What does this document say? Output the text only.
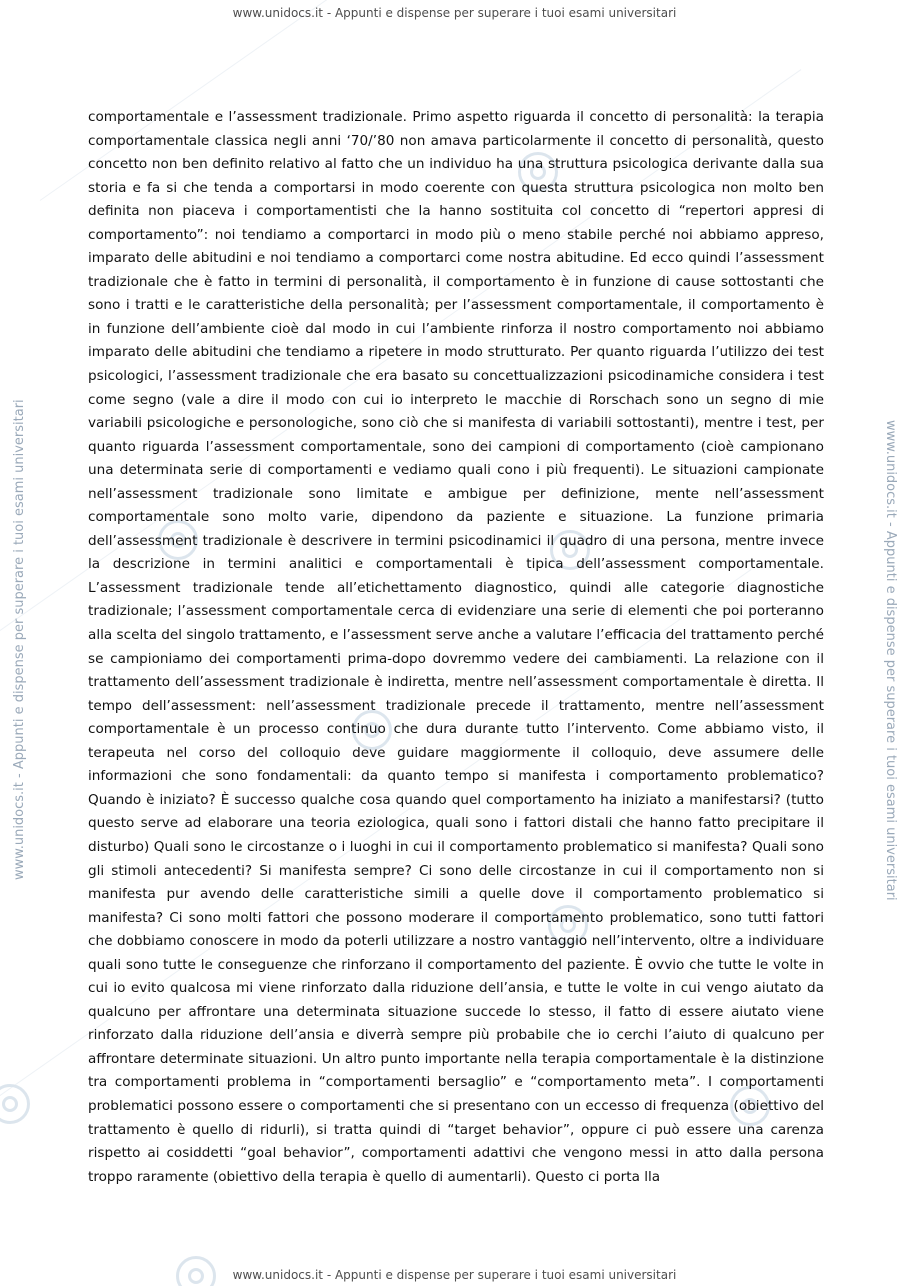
www.unidocs.it - Appunti e dispense per superare i tuoi esami universitari
www.unidocs.it - Appunti e dispense per superare i tuoi esami universitari	www.unidocs.it - Appunti e dispense per superare i tuoi esami universitari

comportamentale e l’assessment tradizionale. Primo aspetto riguarda il concetto di personalità: la terapia comportamentale classica negli anni ‘70/’80 non amava particolarmente il concetto di personalità, questo concetto non ben definito relativo al fatto che un individuo ha una struttura psicologica derivante dalla sua storia e fa si che tenda a comportarsi in modo coerente con questa struttura psicologica non molto ben definita non piaceva i comportamentisti che la hanno sostituita col concetto di “repertori appresi di comportamento”: noi tendiamo a comportarci in modo più o meno stabile perché noi abbiamo appreso, imparato delle abitudini e noi tendiamo a comportarci come nostra abitudine. Ed ecco quindi l’assessment tradizionale che è fatto in termini di personalità, il comportamento è in funzione di cause sottostanti che sono i tratti e le caratteristiche della personalità; per l’assessment comportamentale, il comportamento è in funzione dell’ambiente cioè dal modo in cui l’ambiente rinforza il nostro comportamento noi abbiamo imparato delle abitudini che tendiamo a ripetere in modo strutturato. Per quanto riguarda l’utilizzo dei test psicologici, l’assessment tradizionale che era basato su concettualizzazioni psicodinamiche considera i test come segno (vale a dire il modo con cui io interpreto le macchie di Rorschach sono un segno di mie variabili psicologiche e personologiche, sono ciò che si manifesta di variabili sottostanti), mentre i test, per quanto riguarda l’assessment comportamentale, sono dei campioni di comportamento (cioè campionano una determinata serie di comportamenti e vediamo quali cono i più frequenti). Le situazioni campionate nell’assessment tradizionale sono limitate e ambigue per definizione, mente nell’assessment comportamentale sono molto varie, dipendono da paziente e situazione. La funzione primaria dell’assessment tradizionale è descrivere in termini psicodinamici il quadro di una persona, mentre invece la descrizione in termini analitici e comportamentali è tipica dell’assessment comportamentale. L’assessment tradizionale tende all’etichettamento diagnostico, quindi alle categorie diagnostiche tradizionale; l’assessment comportamentale cerca di evidenziare una serie di elementi che poi porteranno alla scelta del singolo trattamento, e l’assessment serve anche a valutare l’efficacia del trattamento perché se campioniamo dei comportamenti prima-dopo dovremmo vedere dei cambiamenti. La relazione con il trattamento dell’assessment tradizionale è indiretta, mentre nell’assessment comportamentale è diretta. Il tempo dell’assessment: nell’assessment tradizionale precede il trattamento, mentre nell’assessment comportamentale è un processo continuo che dura durante tutto l’intervento. Come abbiamo visto, il terapeuta nel corso del colloquio deve guidare maggiormente il colloquio, deve assumere delle informazioni che sono fondamentali: da quanto tempo si manifesta i comportamento problematico? Quando è iniziato? È successo qualche cosa quando quel comportamento ha iniziato a manifestarsi? (tutto questo serve ad elaborare una teoria eziologica, quali sono i fattori distali che hanno fatto precipitare il disturbo) Quali sono le circostanze o i luoghi in cui il comportamento problematico si manifesta? Quali sono gli stimoli antecedenti? Si manifesta sempre? Ci sono delle circostanze in cui il comportamento non si manifesta pur avendo delle caratteristiche simili a quelle dove il comportamento problematico si manifesta? Ci sono molti fattori che possono moderare il comportamento problematico, sono tutti fattori che dobbiamo conoscere in modo da poterli utilizzare a nostro vantaggio nell’intervento, oltre a individuare quali sono tutte le conseguenze che rinforzano il comportamento del paziente. È ovvio che tutte le volte in cui io evito qualcosa mi viene rinforzato dalla riduzione dell’ansia, e tutte le volte in cui vengo aiutato da qualcuno per affrontare una determinata situazione succede lo stesso, il fatto di essere aiutato viene rinforzato dalla riduzione dell’ansia e diverrà sempre più probabile che io cerchi l’aiuto di qualcuno per affrontare determinate situazioni. Un altro punto importante nella terapia comportamentale è la distinzione tra comportamenti problema in “comportamenti bersaglio” e “comportamento meta”. I comportamenti problematici possono essere o comportamenti che si presentano con un eccesso di frequenza (obiettivo del trattamento è quello di ridurli), si tratta quindi di “target behavior”, oppure ci può essere una carenza rispetto ai cosiddetti “goal behavior”, comportamenti adattivi che vengono messi in atto dalla persona troppo raramente (obiettivo della terapia è quello di aumentarli). Questo ci porta lla

www.unidocs.it - Appunti e dispense per superare i tuoi esami universitari
